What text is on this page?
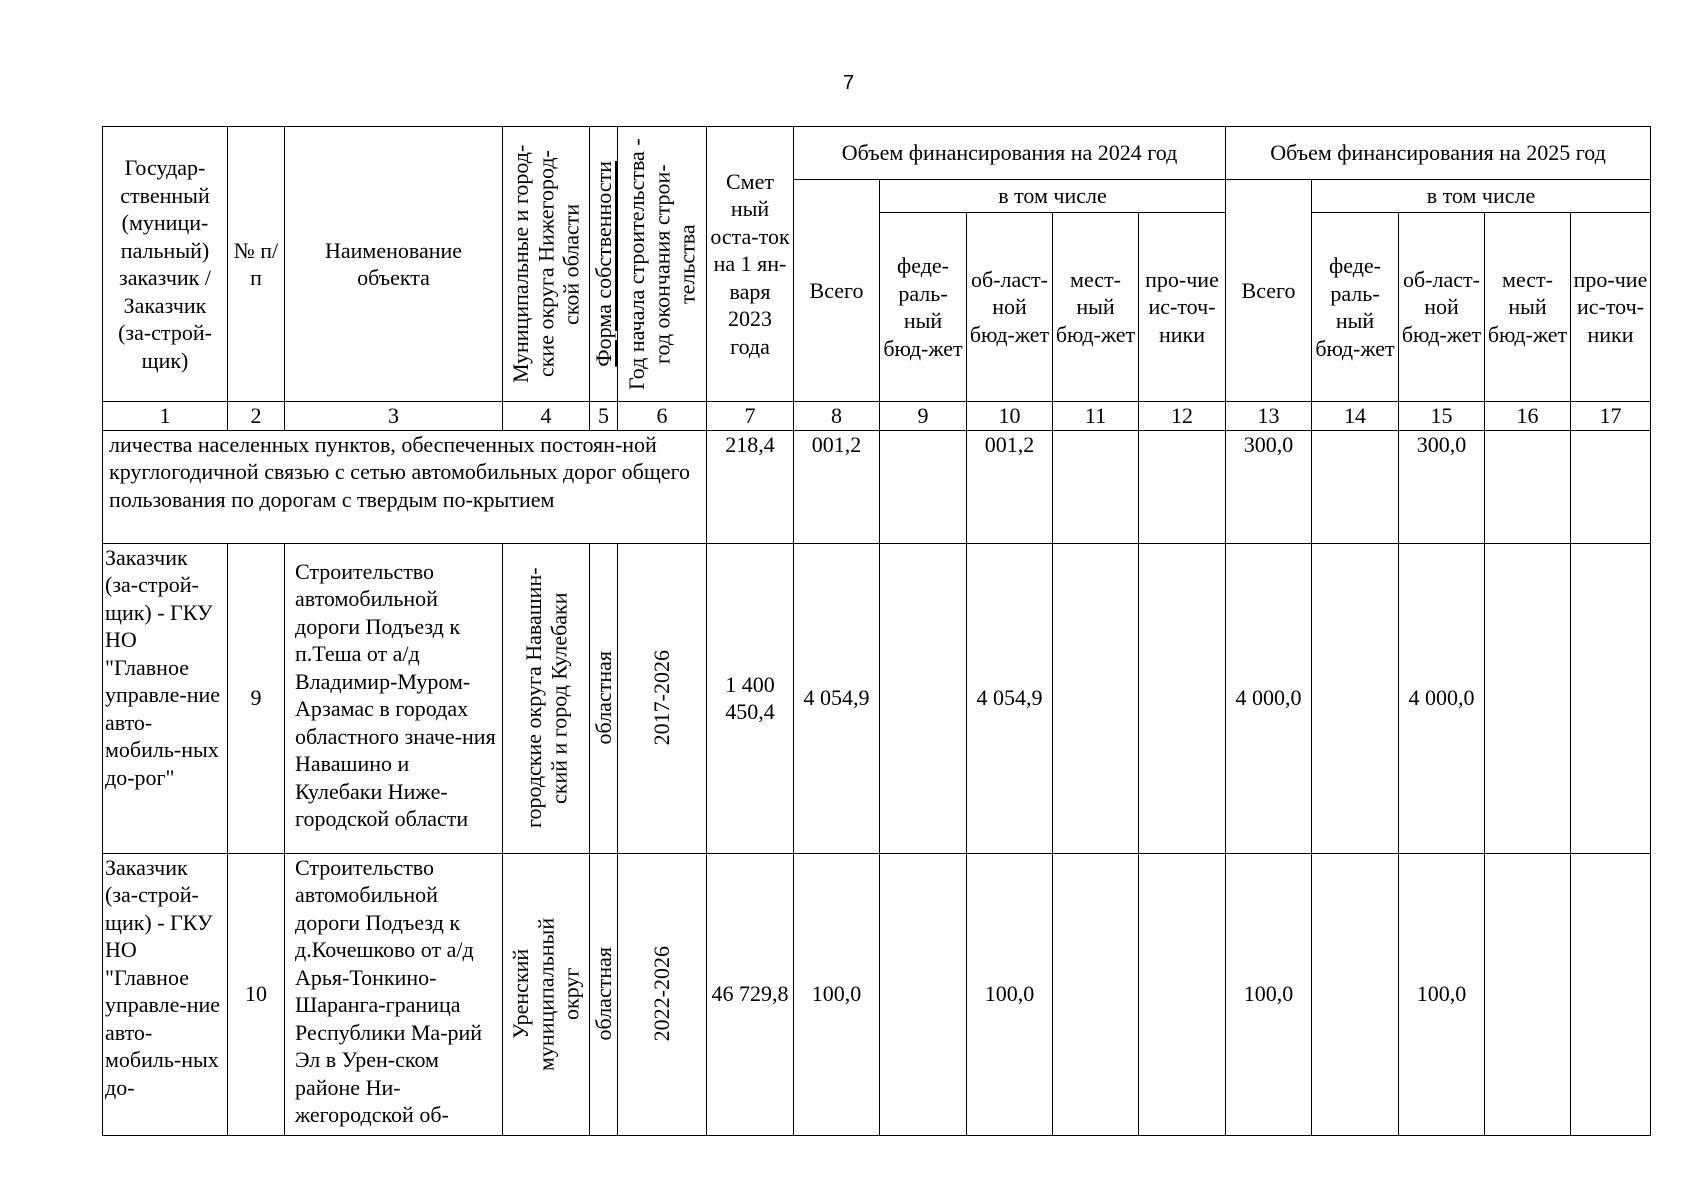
7
Государ-ственный (муници-пальный) заказчик /Заказчик (за-строй-щик)	№ п/п	Наименование объекта	Муниципальные и город-ские округа Нижегород-ской области	Форма собственности	Год начала строительства - год окончания строи-тельства	Смет ный оста-ток на 1 ян-варя 2023 года	Объем финансирования на 2024 год					Объем финансирования на 2025 год				
							Всего	в том числе				Всего	в том числе			
								феде-раль-ный бюд-жет	об-ласт-ной бюд-жет	мест-ный бюд-жет	про-чие ис-точ-ники		феде-раль-ный бюд-жет	об-ласт-ной бюд-жет	мест-ный бюд-жет	про-чие ис-точ-ники
1	2	3	4	5	6	7	8	9	10	11	12	13	14	15	16	17
личества населенных пунктов, обеспеченных постоян-ной круглогодичной связью с сетью автомобильных дорог общего пользования по дорогам с твердым по-крытием						218,4	001,2		001,2			300,0		300,0		
Заказчик (за-строй-щик) - ГКУ НО "Главное управле-ние авто-мобиль-ных до-рог"	9	Строительство автомобильной дороги Подъезд к п.Теша от а/д Владимир-Муром-Арзамас в городах областного значе-ния Навашино и Кулебаки Нижe-городской области	городские округа Навашин-ский и город Кулебаки	областная	2017-2026	1 400 450,4	4 054,9		4 054,9			4 000,0		4 000,0		
Заказчик (за-строй-щик) - ГКУ НО "Главное управле-ние авто-мобиль-ных до-	10	Строительство автомобильной дороги Подъезд к д.Кочешково от а/д Арья-Тонкино-Шаранга-граница Республики Ма-рий Эл в Урен-ском районе Ни-жегородской об-	Уренский муниципальный округ	областная	2022-2026	46 729,8	100,0		100,0			100,0		100,0		
